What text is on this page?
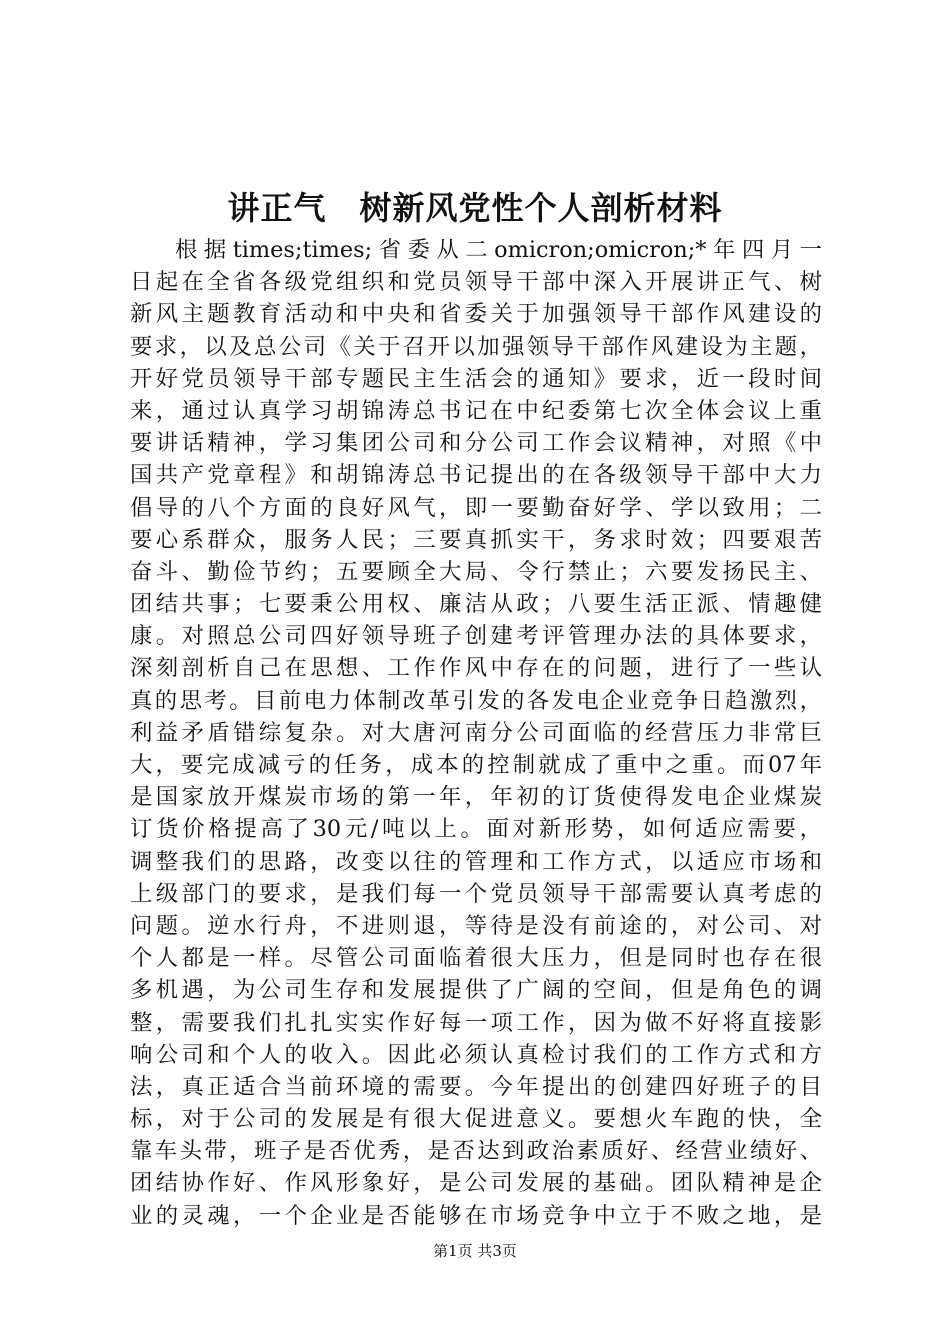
讲正气　树新风党性个人剖析材料
根据times;times;省委从二omicron;omicron;*年四月一
日起在全省各级党组织和党员领导干部中深入开展讲正气、树
新风主题教育活动和中央和省委关于加强领导干部作风建设的
要求，以及总公司《关于召开以加强领导干部作风建设为主题，
开好党员领导干部专题民主生活会的通知》要求，近一段时间
来，通过认真学习胡锦涛总书记在中纪委第七次全体会议上重
要讲话精神，学习集团公司和分公司工作会议精神，对照《中
国共产党章程》和胡锦涛总书记提出的在各级领导干部中大力
倡导的八个方面的良好风气，即一要勤奋好学、学以致用；二
要心系群众，服务人民；三要真抓实干，务求时效；四要艰苦
奋斗、勤俭节约；五要顾全大局、令行禁止；六要发扬民主、
团结共事；七要秉公用权、廉洁从政；八要生活正派、情趣健
康。对照总公司四好领导班子创建考评管理办法的具体要求，
深刻剖析自己在思想、工作作风中存在的问题，进行了一些认
真的思考。目前电力体制改革引发的各发电企业竞争日趋激烈，
利益矛盾错综复杂。对大唐河南分公司面临的经营压力非常巨
大，要完成减亏的任务，成本的控制就成了重中之重。而07年
是国家放开煤炭市场的第一年，年初的订货使得发电企业煤炭
订货价格提高了30元/吨以上。面对新形势，如何适应需要，
调整我们的思路，改变以往的管理和工作方式，以适应市场和
上级部门的要求，是我们每一个党员领导干部需要认真考虑的
问题。逆水行舟，不进则退，等待是没有前途的，对公司、对
个人都是一样。尽管公司面临着很大压力，但是同时也存在很
多机遇，为公司生存和发展提供了广阔的空间，但是角色的调
整，需要我们扎扎实实作好每一项工作，因为做不好将直接影
响公司和个人的收入。因此必须认真检讨我们的工作方式和方
法，真正适合当前环境的需要。今年提出的创建四好班子的目
标，对于公司的发展是有很大促进意义。要想火车跑的快，全
靠车头带，班子是否优秀，是否达到政治素质好、经营业绩好、
团结协作好、作风形象好，是公司发展的基础。团队精神是企
业的灵魂，一个企业是否能够在市场竞争中立于不败之地，是
第1页 共3页
